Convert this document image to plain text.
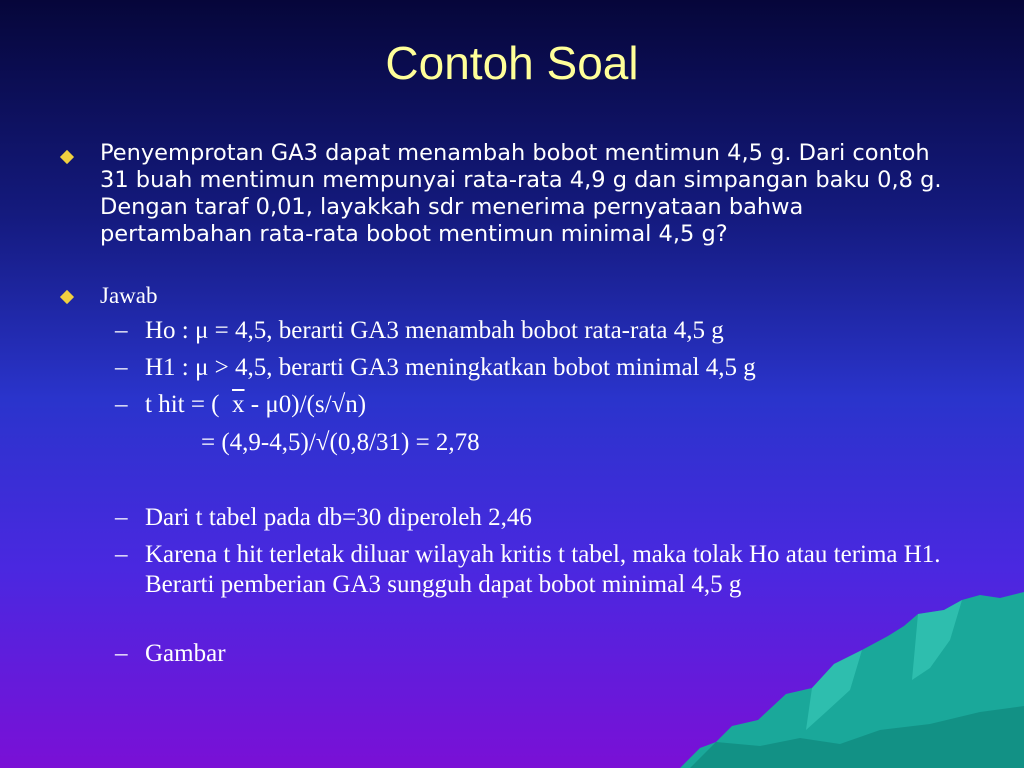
Contoh Soal
Penyemprotan GA3 dapat menambah bobot mentimun 4,5 g. Dari contoh 31 buah mentimun mempunyai rata-rata 4,9 g dan simpangan baku 0,8 g. Dengan taraf 0,01, layakkah sdr menerima pernyataan bahwa pertambahan rata-rata bobot mentimun minimal 4,5 g?
Jawab
– Ho : μ = 4,5, berarti GA3 menambah bobot rata-rata 4,5 g
– H1 : μ > 4,5, berarti GA3 meningkatkan bobot minimal 4,5 g
– t hit = ( $\overline{x} - \mu 0)/(s/√n)$
= (4,9-4,5)/√(0,8/31) = 2,78
– Dari t tabel pada db=30 diperoleh 2,46
– Karena t hit terletak diluar wilayah kritis t tabel, maka tolak Ho atau terima H1. Berarti pemberian GA3 sungguh dapat bobot minimal 4,5 g
– Gambar
